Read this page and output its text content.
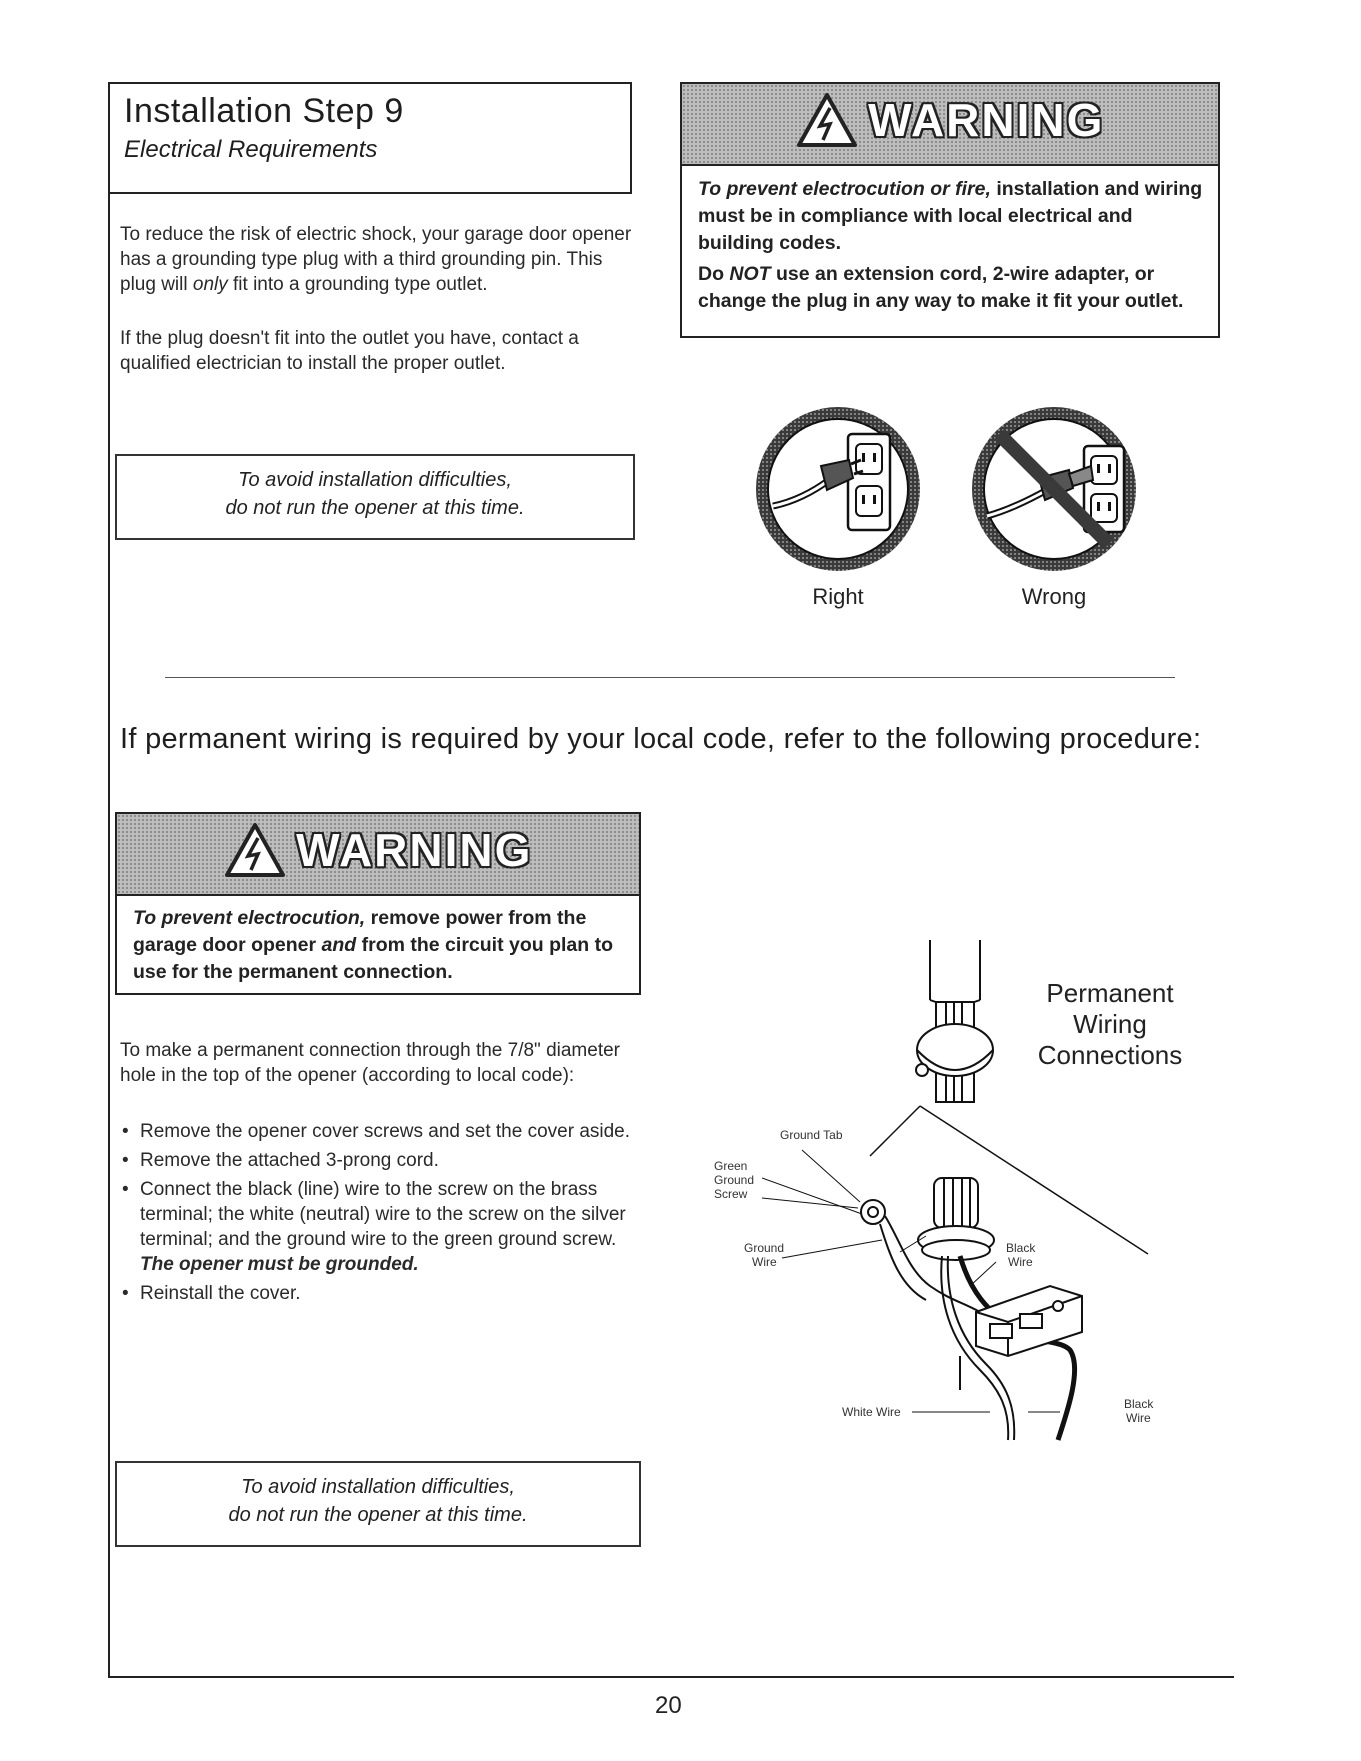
Installation Step 9
Electrical Requirements
To reduce the risk of electric shock, your garage door opener has a grounding type plug with a third grounding pin. This plug will only fit into a grounding type outlet.
If the plug doesn't fit into the outlet you have, contact a qualified electrician to install the proper outlet.
To avoid installation difficulties,
do not run the opener at this time.
WARNING
To prevent electrocution or fire, installation and wiring must be in compliance with local electrical and building codes.
Do NOT use an extension cord, 2-wire adapter, or change the plug in any way to make it fit your outlet.
Right	Wrong
If permanent wiring is required by your local code, refer to the following procedure:
WARNING
To prevent electrocution, remove power from the garage door opener and from the circuit you plan to use for the permanent connection.
To make a permanent connection through the 7/8" diameter hole in the top of the opener (according to local code):
• Remove the opener cover screws and set the cover aside.
• Remove the attached 3-prong cord.
• Connect the black (line) wire to the screw on the brass terminal; the white (neutral) wire to the screw on the silver terminal; and the ground wire to the green ground screw. The opener must be grounded.
• Reinstall the cover.
To avoid installation difficulties,
do not run the opener at this time.
Permanent
Wiring
Connections
Ground Tab
Green
Ground
Screw
Ground
Wire
Black
Wire
White Wire
Black
Wire
20
